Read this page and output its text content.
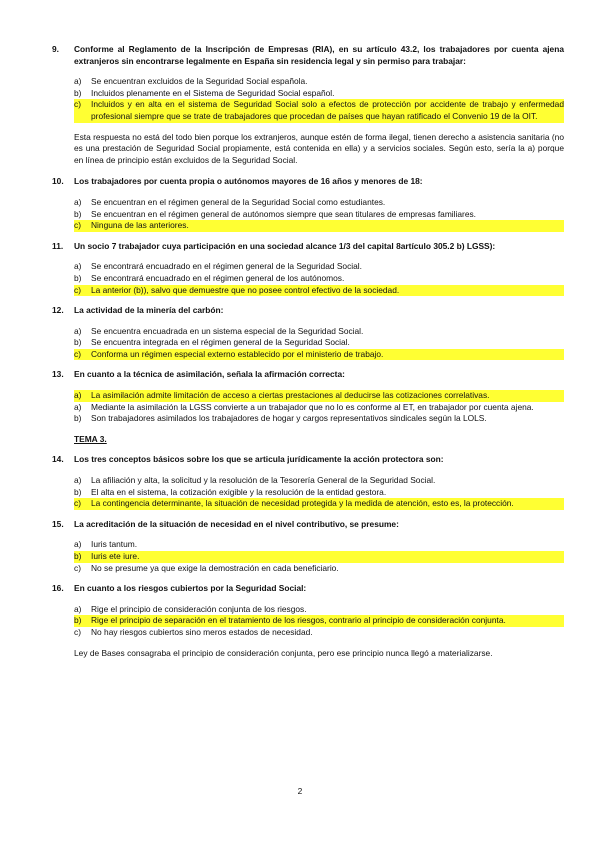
9.	Conforme al Reglamento de la Inscripción de Empresas (RIA), en su artículo 43.2, los trabajadores por cuenta ajena extranjeros sin encontrarse legalmente en España sin residencia legal y sin permiso para trabajar:
a)	Se encuentran excluidos de la Seguridad Social española.
b)	Incluidos plenamente en el Sistema de Seguridad Social español.
c)	Incluidos y en alta en el sistema de Seguridad Social solo a efectos de protección por accidente de trabajo y enfermedad profesional siempre que se trate de trabajadores que procedan de países que hayan ratificado el Convenio 19 de la OIT.
Esta respuesta no está del todo bien porque los extranjeros, aunque estén de forma ilegal, tienen derecho a asistencia sanitaria (no es una prestación de Seguridad Social propiamente, está contenida en ella) y a servicios sociales. Según esto, sería la a) porque en línea de principio están excluidos de la Seguridad Social.
10.	Los trabajadores por cuenta propia o autónomos mayores de 16 años y menores de 18:
a)	Se encuentran en el régimen general de la Seguridad Social como estudiantes.
b)	Se encuentran en el régimen general de autónomos siempre que sean titulares de empresas familiares.
c)	Ninguna de las anteriores.
11.	Un socio 7 trabajador cuya participación en una sociedad alcance 1/3 del capital 8artículo 305.2 b) LGSS):
a)	Se encontrará encuadrado en el régimen general de la Seguridad Social.
b)	Se encontrará encuadrado en el régimen general de los autónomos.
c)	La anterior (b)), salvo que demuestre que no posee control efectivo de la sociedad.
12.	La actividad de la minería del carbón:
a)	Se encuentra encuadrada en un sistema especial de la Seguridad Social.
b)	Se encuentra integrada en el régimen general de la Seguridad Social.
c)	Conforma un régimen especial externo establecido por el ministerio de trabajo.
13.	En cuanto a la técnica de asimilación, señala la afirmación correcta:
a)	La asimilación admite limitación de acceso a ciertas prestaciones al deducirse las cotizaciones correlativas.
a)	Mediante la asimilación la LGSS convierte a un trabajador que no lo es conforme al ET, en trabajador por cuenta ajena.
b)	Son trabajadores asimilados los trabajadores de hogar y cargos representativos sindicales según la LOLS.
TEMA 3.
14.	Los tres conceptos básicos sobre los que se articula jurídicamente la acción protectora son:
a)	La afiliación y alta, la solicitud y la resolución de la Tesorería General de la Seguridad Social.
b)	El alta en el sistema, la cotización exigible y la resolución de la entidad gestora.
c)	La contingencia determinante, la situación de necesidad protegida y la medida de atención, esto es, la protección.
15.	La acreditación de la situación de necesidad en el nivel contributivo, se presume:
a)	Iuris tantum.
b)	Iuris ete iure.
c)	No se presume ya que exige la demostración en cada beneficiario.
16.	En cuanto a los riesgos cubiertos por la Seguridad Social:
a)	Rige el principio de consideración conjunta de los riesgos.
b)	Rige el principio de separación en el tratamiento de los riesgos, contrario al principio de consideración conjunta.
c)	No hay riesgos cubiertos sino meros estados de necesidad.
Ley de Bases consagraba el principio de consideración conjunta, pero ese principio nunca llegó a materializarse.
2
